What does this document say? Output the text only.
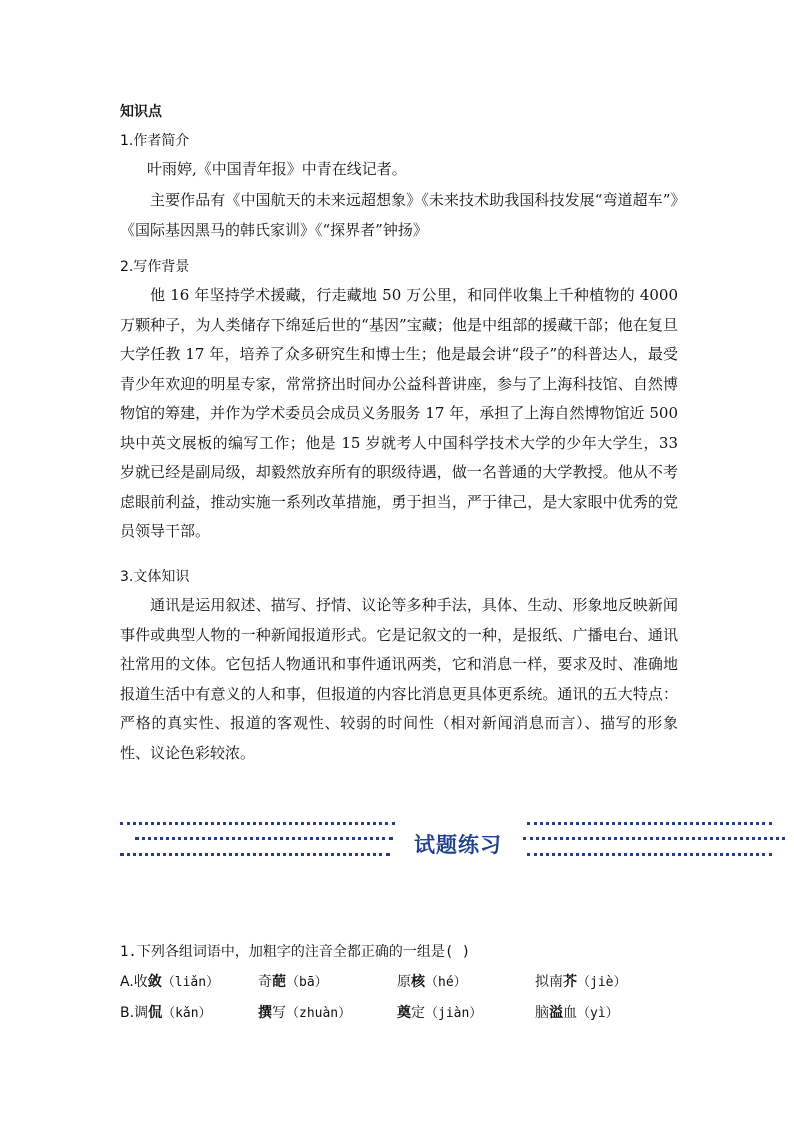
知识点
1.作者简介
叶雨婷,《中国青年报》中青在线记者。

主要作品有《中国航天的未来远超想象》《未来技术助我国科技发展“弯道超车”》《国际基因黑马的韩氏家训》《“探界者”钟扬》

2.写作背景

他 16 年坚持学术援藏，行走藏地 50 万公里，和同伴收集上千种植物的 4000 万颗种子，为人类储存下绵延后世的“基因”宝藏；他是中组部的援藏干部；他在复旦大学任教 17 年，培养了众多研究生和博士生；他是最会讲“段子”的科普达人，最受青少年欢迎的明星专家，常常挤出时间办公益科普讲座，参与了上海科技馆、自然博物馆的筹建，并作为学术委员会成员义务服务 17 年，承担了上海自然博物馆近 500 块中英文展板的编写工作；他是 15 岁就考人中国科学技术大学的少年大学生，33 岁就已经是副局级，却毅然放弃所有的职级待遇，做一名普通的大学教授。他从不考虑眼前利益，推动实施一系列改革措施，勇于担当，严于律己，是大家眼中优秀的党员领导干部。

3.文体知识

通讯是运用叙述、描写、抒情、议论等多种手法，具体、生动、形象地反映新闻事件或典型人物的一种新闻报道形式。它是记叙文的一种，是报纸、广播电台、通讯社常用的文体。它包括人物通讯和事件通讯两类，它和消息一样，要求及时、准确地报道生活中有意义的人和事，但报道的内容比消息更具体更系统。通讯的五大特点：严格的真实性、报道的客观性、较弱的时间性（相对新闻消息而言）、描写的形象性、议论色彩较浓。

试题练习
1.下列各组词语中，加粗字的注音全都正确的一组是( )
A.收敛（liǎn）	奇葩（bā）	原核（hé）	拟南芥（jiè）
B.调侃（kǎn）	撰写（zhuàn）	奠定（jiàn）	脑溢血（yì）
